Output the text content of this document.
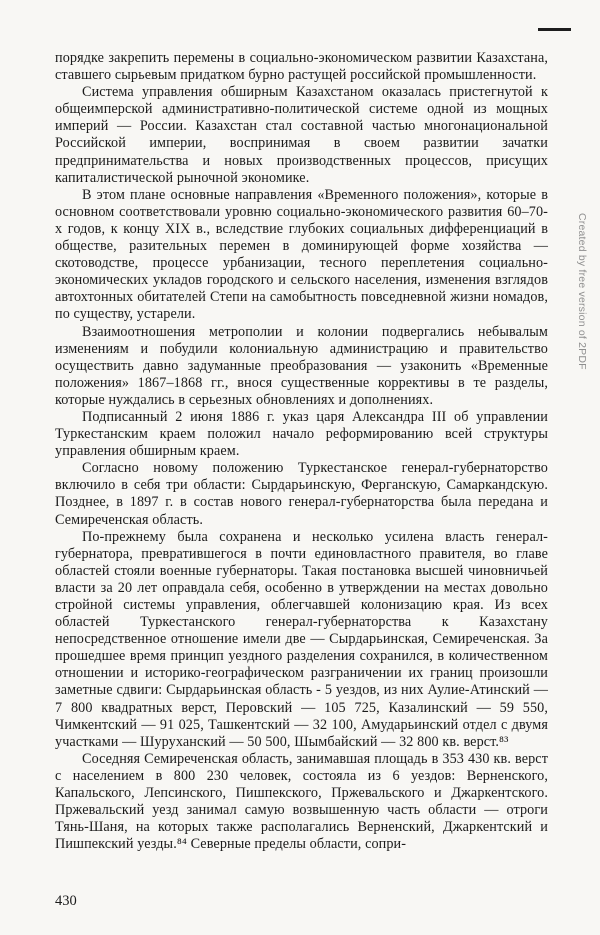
Created by free version of 2PDF

порядке закрепить перемены в социально-экономическом развитии Казахстана, ставшего сырьевым придатком бурно растущей российской промышленности.

Система управления обширным Казахстаном оказалась пристегнутой к общеимперской административно-политической системе одной из мощных империй — России. Казахстан стал составной частью многонациональной Российской империи, воспринимая в своем развитии зачатки предпринимательства и новых производственных процессов, присущих капиталистической рыночной экономике.

В этом плане основные направления «Временного положения», которые в основном соответствовали уровню социально-экономического развития 60–70-х годов, к концу XIX в., вследствие глубоких социальных дифференциаций в обществе, разительных перемен в доминирующей форме хозяйства — скотоводстве, процессе урбанизации, тесного переплетения социально-экономических укладов городского и сельского населения, изменения взглядов автохтонных обитателей Степи на самобытность повседневной жизни номадов, по существу, устарели.

Взаимоотношения метрополии и колонии подвергались небывалым изменениям и побудили колониальную администрацию и правительство осуществить давно задуманные преобразования — узаконить «Временные положения» 1867–1868 гг., внося существенные коррективы в те разделы, которые нуждались в серьезных обновлениях и дополнениях.

Подписанный 2 июня 1886 г. указ царя Александра III об управлении Туркестанским краем положил начало реформированию всей структуры управления обширным краем.

Согласно новому положению Туркестанское генерал-губернаторство включило в себя три области: Сырдарьинскую, Ферганскую, Самаркандскую. Позднее, в 1897 г. в состав нового генерал-губернаторства была передана и Семиреченская область.

По-прежнему была сохранена и несколько усилена власть генерал-губернатора, превратившегося в почти единовластного правителя, во главе областей стояли военные губернаторы. Такая постановка высшей чиновничьей власти за 20 лет оправдала себя, особенно в утверждении на местах довольно стройной системы управления, облегчавшей колонизацию края. Из всех областей Туркестанского генерал-губернаторства к Казахстану непосредственное отношение имели две — Сырдарьинская, Семиреченская. За прошедшее время принцип уездного разделения сохранился, в количественном отношении и историко-географическом разграничении их границ произошли заметные сдвиги: Сырдарьинская область - 5 уездов, из них Аулие-Атинский — 7 800 квадратных верст, Перовский — 105 725, Казалинский — 59 550, Чимкентский — 91 025, Ташкентский — 32 100, Амударьинский отдел с двумя участками — Шуруханский — 50 500, Шымбайский — 32 800 кв. верст.⁸³

Соседняя Семиреченская область, занимавшая площадь в 353 430 кв. верст с населением в 800 230 человек, состояла из 6 уездов: Верненского, Капальского, Лепсинского, Пишпекского, Пржевальского и Джаркентского. Пржевальский уезд занимал самую возвышенную часть области — отроги Тянь-Шаня, на которых также располагались Верненский, Джаркентский и Пишпекский уезды.⁸⁴ Северные пределы области, сопри-

430
